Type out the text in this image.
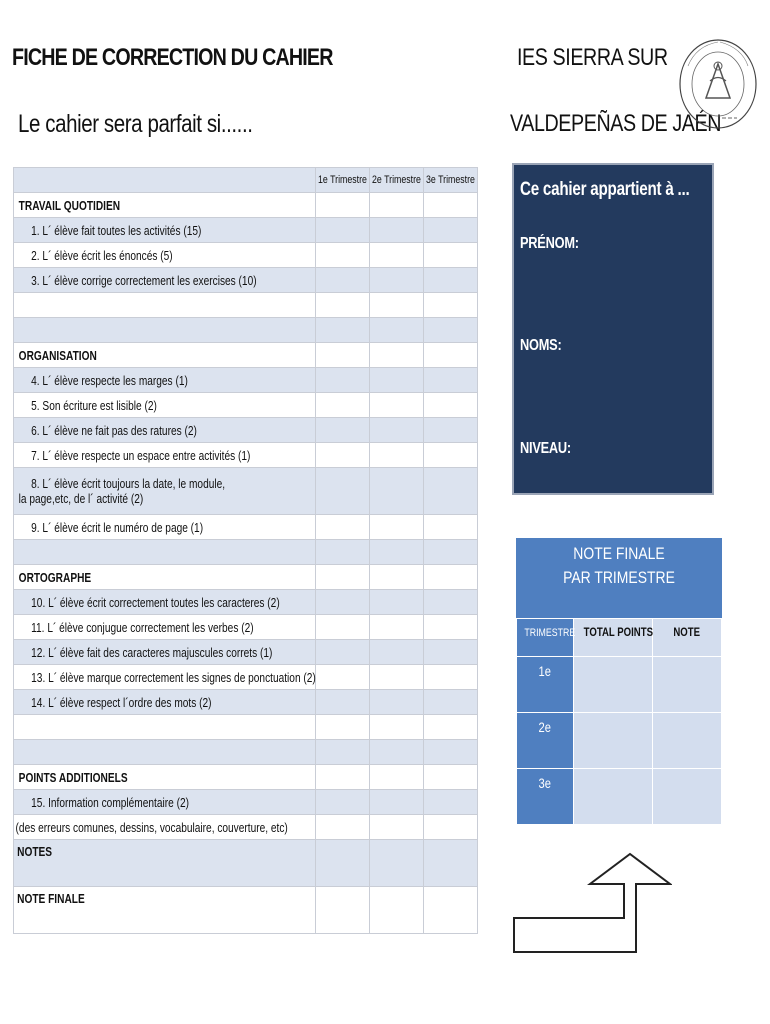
FICHE DE CORRECTION DU CAHIER
Le cahier sera parfait si......
IES SIERRA SUR
VALDEPEÑAS DE JAÉN

	1e Trimestre	2e Trimestre	3e Trimestre

TRAVAIL QUOTIDIEN			
1. L´ élève fait toutes les activités (15)			
2. L´ élève écrit les énoncés (5)			
3. L´ élève corrige correctement les exercises (10)			

ORGANISATION			
4. L´ élève respecte les marges (1)			
5. Son écriture est lisible (2)			
6. L´ élève ne fait pas des ratures (2)			
7. L´ élève respecte un espace entre activités (1)			
8. L´ élève écrit toujours la date, le module,
la page,etc, de l´ activité (2)			
9. L´ élève écrit le numéro de page (1)			

ORTOGRAPHE			
10. L´ élève écrit correctement toutes les caracteres (2)			
11. L´ élève conjugue correctement les verbes (2)			
12. L´ élève fait des caracteres majuscules correts (1)			
13. L´ élève marque correctement les signes de ponctuation (2)			
14. L´ élève respect l´ordre des mots (2)			

POINTS ADDITIONELS			
15. Information complémentaire (2)			
(des erreurs comunes, dessins, vocabulaire, couverture, etc)			
NOTES			
NOTE FINALE			
Ce cahier appartient à ...
PRÉNOM:
NOMS:
NIVEAU:
NOTE FINALE
PAR TRIMESTRE
TRIMESTRE	TOTAL POINTS	NOTE
1e		
2e		
3e		
